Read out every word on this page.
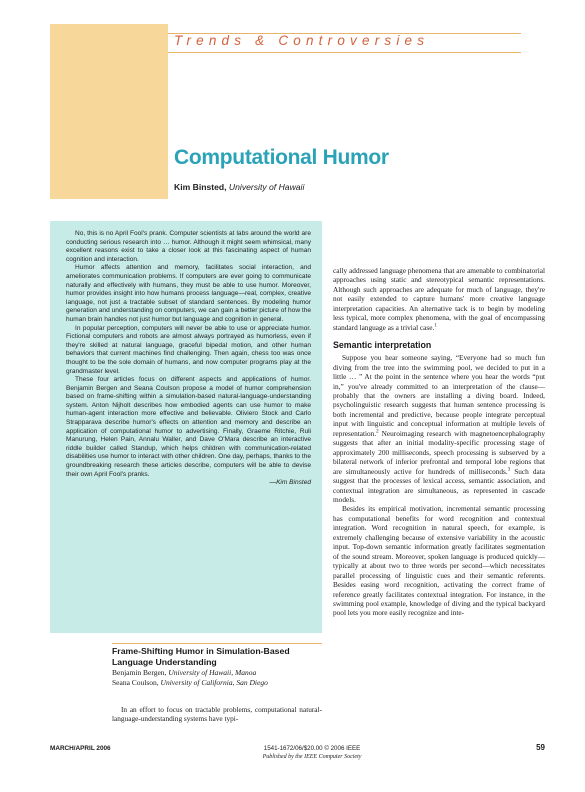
Trends & Controversies
Computational Humor
Kim Binsted, University of Hawaii

No, this is no April Fool's prank. Computer scientists at labs around the world are conducting serious research into … humor. Although it might seem whimsical, many excellent reasons exist to take a closer look at this fascinating aspect of human cognition and interaction.

Humor affects attention and memory, facilitates social interaction, and ameliorates communication problems. If computers are ever going to communicate naturally and effectively with humans, they must be able to use humor. Moreover, humor provides insight into how humans process language—real, complex, creative language, not just a tractable subset of standard sentences. By modeling humor generation and understanding on computers, we can gain a better picture of how the human brain handles not just humor but language and cognition in general.

In popular perception, computers will never be able to use or appreciate humor. Fictional computers and robots are almost always portrayed as humorless, even if they're skilled at natural language, graceful bipedal motion, and other human behaviors that current machines find challenging. Then again, chess too was once thought to be the sole domain of humans, and now computer programs play at the grandmaster level.

These four articles focus on different aspects and applications of humor. Benjamin Bergen and Seana Coulson propose a model of humor comprehension based on frame-shifting within a simulation-based natural-language-understanding system. Anton Nijholt describes how embodied agents can use humor to make human-agent interaction more effective and believable. Oliviero Stock and Carlo Strapparava describe humor's effects on attention and memory and describe an application of computational humor to advertising. Finally, Graeme Ritchie, Ruli Manurung, Helen Pain, Annalu Waller, and Dave O'Mara describe an interactive riddle builder called Standup, which helps children with communication-related disabilities use humor to interact with other children. One day, perhaps, thanks to the groundbreaking research these articles describe, computers will be able to devise their own April Fool's pranks.

—Kim Binsted

Frame-Shifting Humor in Simulation-Based Language Understanding
Benjamin Bergen, University of Hawaii, Manoa
Seana Coulson, University of California, San Diego

In an effort to focus on tractable problems, computational natural-language-understanding systems have typi-

cally addressed language phenomena that are amenable to combinatorial approaches using static and stereotypical semantic representations. Although such approaches are adequate for much of language, they're not easily extended to capture humans' more creative language interpretation capacities. An alternative tack is to begin by modeling less typical, more complex phenomena, with the goal of encompassing standard language as a trivial case.$^1$

Semantic interpretation

Suppose you hear someone saying, “Everyone had so much fun diving from the tree into the swimming pool, we decided to put in a little … ” At the point in the sentence where you hear the words “put in,” you've already committed to an interpretation of the clause—probably that the owners are installing a diving board. Indeed, psycholinguistic research suggests that human sentence processing is both incremental and predictive, because people integrate perceptual input with linguistic and conceptual information at multiple levels of representation.$^2$ Neuroimaging research with magnetoencephalography suggests that after an initial modality-specific processing stage of approximately 200 milliseconds, speech processing is subserved by a bilateral network of inferior prefrontal and temporal lobe regions that are simultaneously active for hundreds of milliseconds.$^3$ Such data suggest that the processes of lexical access, semantic association, and contextual integration are simultaneous, as represented in cascade models.

Besides its empirical motivation, incremental semantic processing has computational benefits for word recognition and contextual integration. Word recognition in natural speech, for example, is extremely challenging because of extensive variability in the acoustic input. Top-down semantic information greatly facilitates segmentation of the sound stream. Moreover, spoken language is produced quickly—typically at about two to three words per second—which necessitates parallel processing of linguistic cues and their semantic referents. Besides easing word recognition, activating the correct frame of reference greatly facilitates contextual integration. For instance, in the swimming pool example, knowledge of diving and the typical backyard pool lets you more easily recognize and inte-

MARCH/APRIL 2006	1541-1672/06/$20.00 © 2006 IEEE
Published by the IEEE Computer Society
59
